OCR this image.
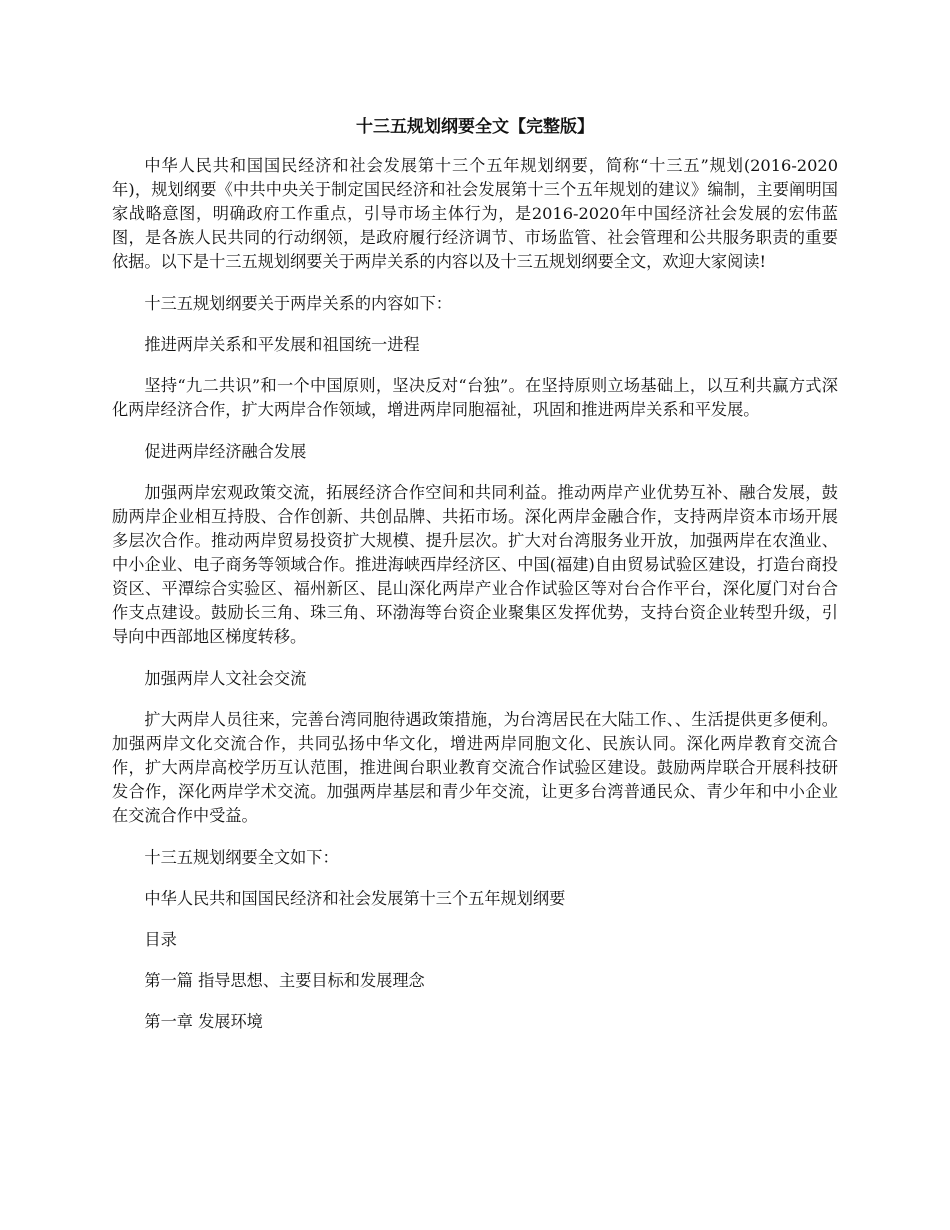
十三五规划纲要全文【完整版】

中华人民共和国国民经济和社会发展第十三个五年规划纲要，简称“十三五”规划(2016-2020年)，规划纲要《中共中央关于制定国民经济和社会发展第十三个五年规划的建议》编制，主要阐明国家战略意图，明确政府工作重点，引导市场主体行为，是2016-2020年中国经济社会发展的宏伟蓝图，是各族人民共同的行动纲领，是政府履行经济调节、市场监管、社会管理和公共服务职责的重要依据。以下是十三五规划纲要关于两岸关系的内容以及十三五规划纲要全文，欢迎大家阅读!

十三五规划纲要关于两岸关系的内容如下：

推进两岸关系和平发展和祖国统一进程

坚持“九二共识”和一个中国原则，坚决反对“台独”。在坚持原则立场基础上，以互利共赢方式深化两岸经济合作，扩大两岸合作领域，增进两岸同胞福祉，巩固和推进两岸关系和平发展。

促进两岸经济融合发展

加强两岸宏观政策交流，拓展经济合作空间和共同利益。推动两岸产业优势互补、融合发展，鼓励两岸企业相互持股、合作创新、共创品牌、共拓市场。深化两岸金融合作，支持两岸资本市场开展多层次合作。推动两岸贸易投资扩大规模、提升层次。扩大对台湾服务业开放，加强两岸在农渔业、中小企业、电子商务等领域合作。推进海峡西岸经济区、中国(福建)自由贸易试验区建设，打造台商投资区、平潭综合实验区、福州新区、昆山深化两岸产业合作试验区等对台合作平台，深化厦门对台合作支点建设。鼓励长三角、珠三角、环渤海等台资企业聚集区发挥优势，支持台资企业转型升级，引导向中西部地区梯度转移。

加强两岸人文社会交流

扩大两岸人员往来，完善台湾同胞待遇政策措施，为台湾居民在大陆工作、、生活提供更多便利。加强两岸文化交流合作，共同弘扬中华文化，增进两岸同胞文化、民族认同。深化两岸教育交流合作，扩大两岸高校学历互认范围，推进闽台职业教育交流合作试验区建设。鼓励两岸联合开展科技研发合作，深化两岸学术交流。加强两岸基层和青少年交流，让更多台湾普通民众、青少年和中小企业在交流合作中受益。

十三五规划纲要全文如下：

中华人民共和国国民经济和社会发展第十三个五年规划纲要

目录

第一篇 指导思想、主要目标和发展理念

第一章 发展环境
